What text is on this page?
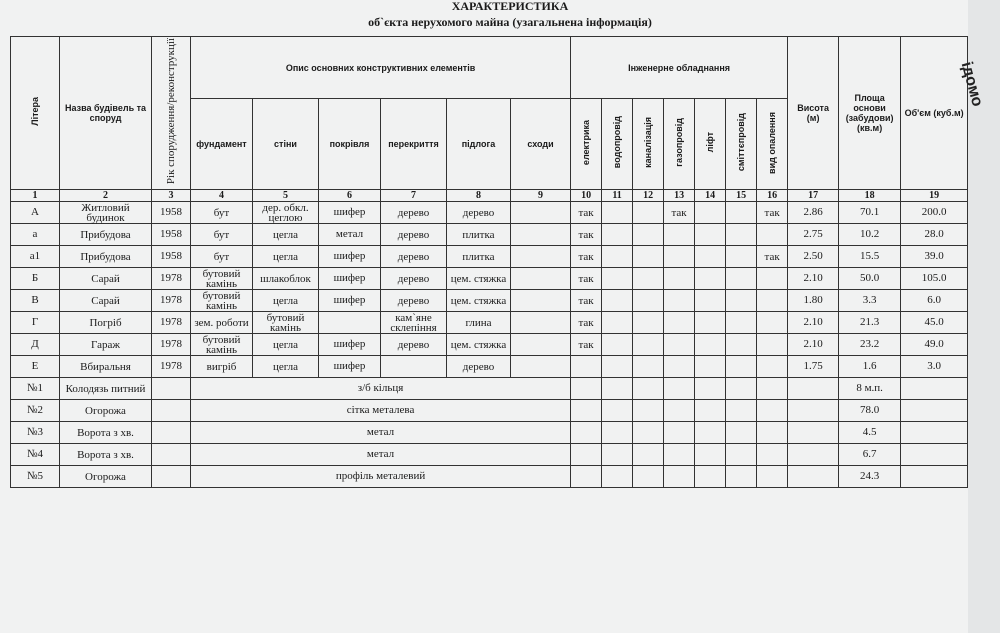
ХАРАКТЕРИСТИКА
об`єкта нерухомого майна (узагальнена інформація)
Літера	Назва будівель та споруд	Рік спорудження/реконструкції	Опис основних конструктивних елементів						Інженерне обладнання							Висота (м)	Площа основи (забудови) (кв.м)	Об'єм (куб.м)
			фундамент	стіни	покрівля	перекриття	підлога	сходи	електрика	водопровід	каналізація	газопровід	ліфт	сміттєпровід	вид опалення			
1	2	3	4	5	6	7	8	9	10	11	12	13	14	15	16	17	18	19
А	Житловий будинок	1958	бут	дер. обкл. цеглою	шифер	дерево	дерево		так			так			так	2.86	70.1	200.0
а	Прибудова	1958	бут	цегла	метал	дерево	плитка		так							2.75	10.2	28.0
а1	Прибудова	1958	бут	цегла	шифер	дерево	плитка		так						так	2.50	15.5	39.0
Б	Сарай	1978	бутовий камінь	шлакоблок	шифер	дерево	цем. стяжка		так							2.10	50.0	105.0
В	Сарай	1978	бутовий камінь	цегла	шифер	дерево	цем. стяжка		так							1.80	3.3	6.0
Г	Погріб	1978	зем. роботи	бутовий камінь		кам`яне склепіння	глина		так							2.10	21.3	45.0
Д	Гараж	1978	бутовий камінь	цегла	шифер	дерево	цем. стяжка		так							2.10	23.2	49.0
Е	Вбиральня	1978	вигріб	цегла	шифер		дерево									1.75	1.6	3.0
№1	Колодязь питний		з/б кільця														8 м.п.	
№2	Огорожа		сітка металева														78.0	
№3	Ворота з хв.		метал														4.5	
№4	Ворота з хв.		метал														6.7	
№5	Огорожа		профіль металевий														24.3	
ідомо
